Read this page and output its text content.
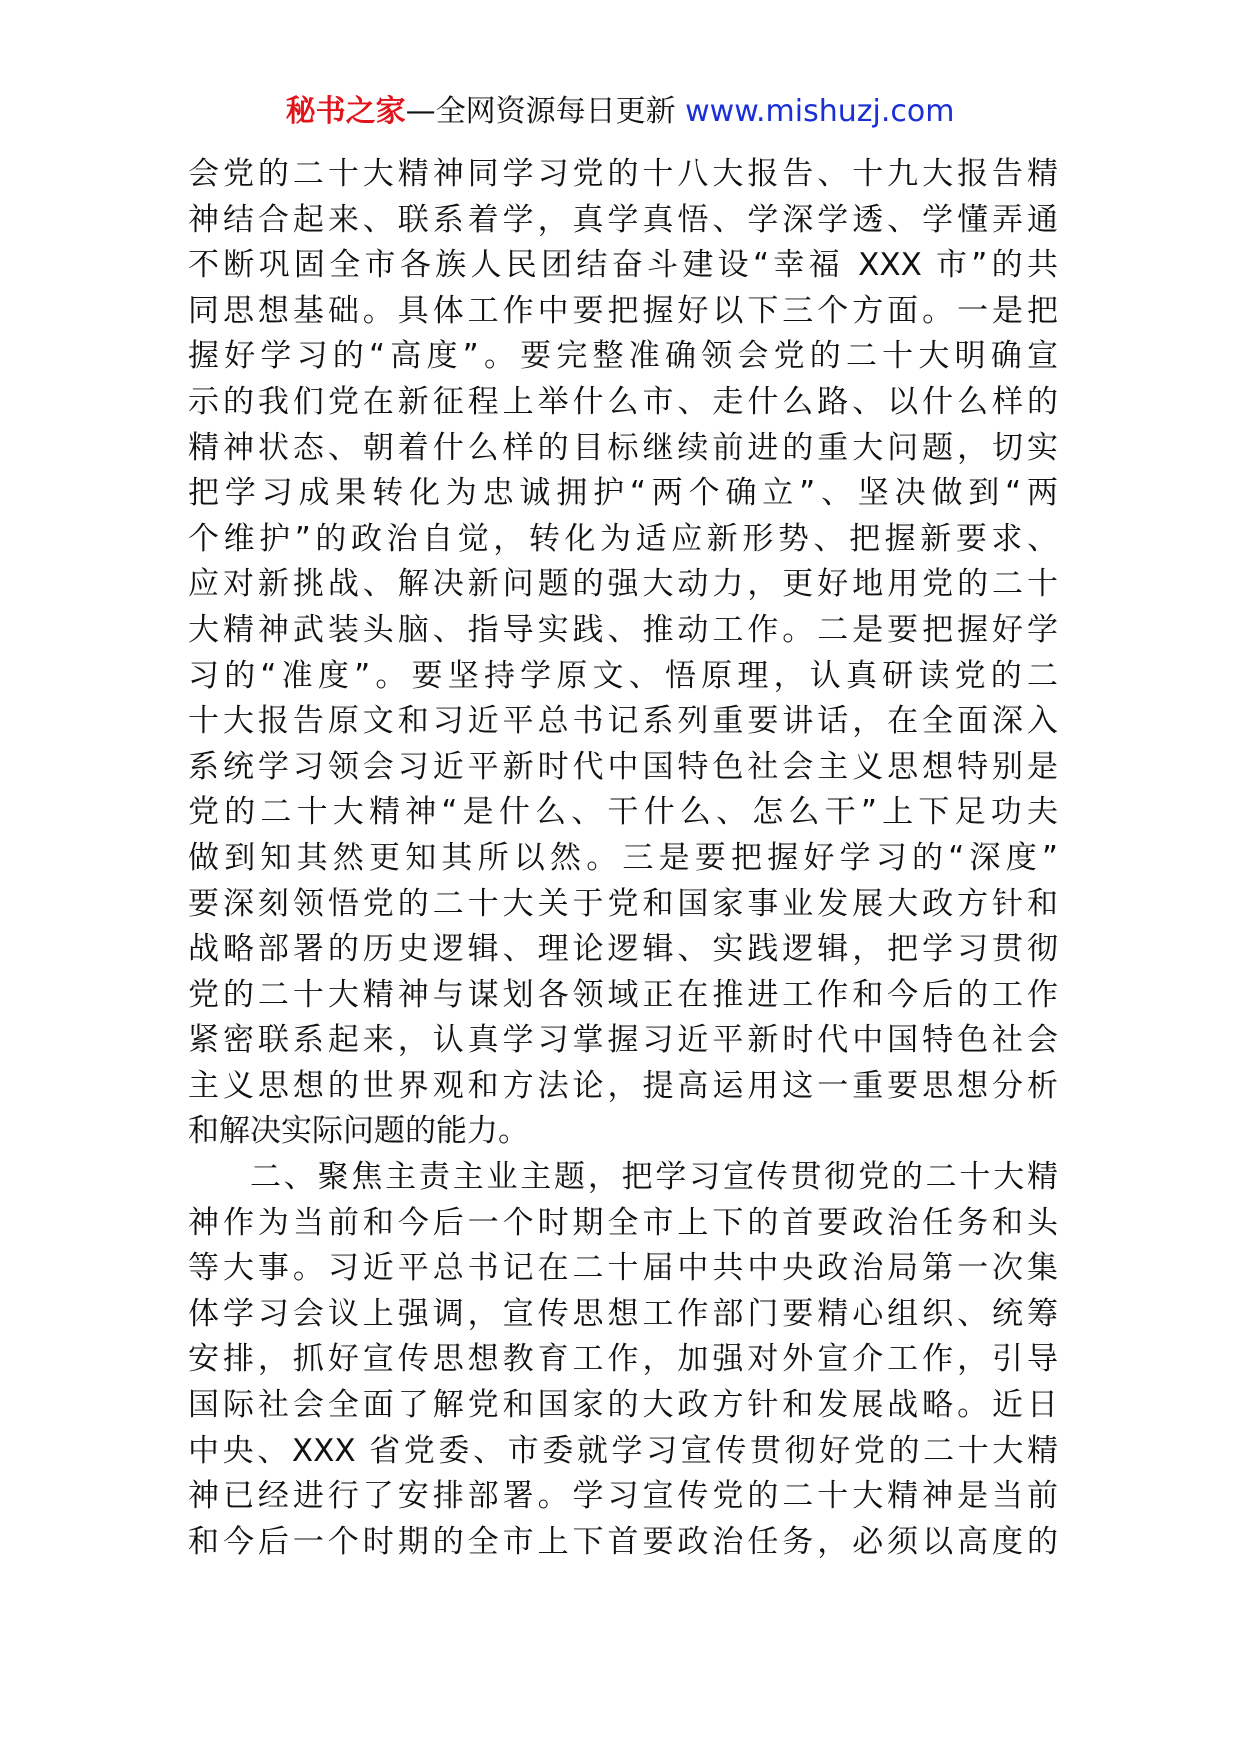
秘书之家—全网资源每日更新 www.mishuzj.com
会党的二十大精神同学习党的十八大报告、十九大报告精
神结合起来、联系着学，真学真悟、学深学透、学懂弄通
不断巩固全市各族人民团结奋斗建设“幸福 XXX 市”的共
同思想基础。具体工作中要把握好以下三个方面。一是把
握好学习的“高度”。要完整准确领会党的二十大明确宣
示的我们党在新征程上举什么市、走什么路、以什么样的
精神状态、朝着什么样的目标继续前进的重大问题，切实
把学习成果转化为忠诚拥护“两个确立”、坚决做到“两
个维护”的政治自觉，转化为适应新形势、把握新要求、
应对新挑战、解决新问题的强大动力，更好地用党的二十
大精神武装头脑、指导实践、推动工作。二是要把握好学
习的“准度”。要坚持学原文、悟原理，认真研读党的二
十大报告原文和习近平总书记系列重要讲话，在全面深入
系统学习领会习近平新时代中国特色社会主义思想特别是
党的二十大精神“是什么、干什么、怎么干”上下足功夫
做到知其然更知其所以然。三是要把握好学习的“深度”
要深刻领悟党的二十大关于党和国家事业发展大政方针和
战略部署的历史逻辑、理论逻辑、实践逻辑，把学习贯彻
党的二十大精神与谋划各领域正在推进工作和今后的工作
紧密联系起来，认真学习掌握习近平新时代中国特色社会
主义思想的世界观和方法论，提高运用这一重要思想分析
和解决实际问题的能力。
二、聚焦主责主业主题，把学习宣传贯彻党的二十大精
神作为当前和今后一个时期全市上下的首要政治任务和头
等大事。习近平总书记在二十届中共中央政治局第一次集
体学习会议上强调，宣传思想工作部门要精心组织、统筹
安排，抓好宣传思想教育工作，加强对外宣介工作，引导
国际社会全面了解党和国家的大政方针和发展战略。近日
中央、XXX 省党委、市委就学习宣传贯彻好党的二十大精
神已经进行了安排部署。学习宣传党的二十大精神是当前
和今后一个时期的全市上下首要政治任务，必须以高度的
